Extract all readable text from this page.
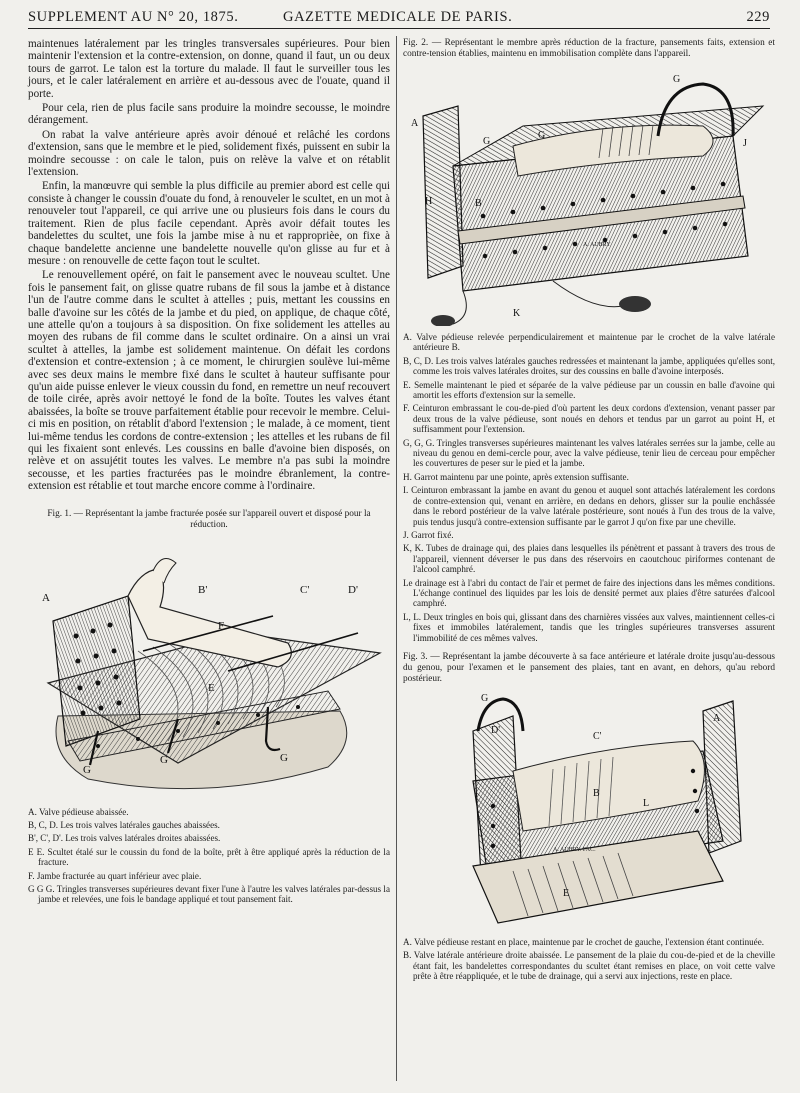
SUPPLEMENT AU N° 20, 1875.	GAZETTE MEDICALE DE PARIS.	229

maintenues latéralement par les tringles transversales supérieures. Pour bien maintenir l'extension et la contre-extension, on donne, quand il faut, un ou deux tours de garrot. Le talon est la torture du malade. Il faut le surveiller tous les jours, et le caler latéralement en arrière et au-dessous avec de l'ouate, quand il porte.

Pour cela, rien de plus facile sans produire la moindre secousse, le moindre dérangement.

On rabat la valve antérieure après avoir dénoué et relâché les cordons d'extension, sans que le membre et le pied, solidement fixés, puissent en subir la moindre secousse : on cale le talon, puis on relève la valve et on rétablit l'extension.

Enfin, la manœuvre qui semble la plus difficile au premier abord est celle qui consiste à changer le coussin d'ouate du fond, à renouveler le scultet, en un mot à renouveler tout l'appareil, ce qui arrive une ou plusieurs fois dans le cours du traitement. Rien de plus facile cependant. Après avoir défait toutes les bandelettes du scultet, une fois la jambe mise à nu et rapproprièe, on fixe à chaque bandelette ancienne une bandelette nouvelle qu'on glisse au fur et à mesure : on renouvelle de cette façon tout le scultet.

Le renouvellement opéré, on fait le pansement avec le nouveau scultet. Une fois le pansement fait, on glisse quatre rubans de fil sous la jambe et à distance l'un de l'autre comme dans le scultet à attelles ; puis, mettant les coussins en balle d'avoine sur les côtés de la jambe et du pied, on applique, de chaque côté, une attelle qu'on a toujours à sa disposition. On fixe solidement les attelles au moyen des rubans de fil comme dans le scultet ordinaire. On a ainsi un vrai scultet à attelles, la jambe est solidement maintenue. On défait les cordons d'extension et contre-extension ; à ce moment, le chirurgien soulève lui-même avec ses deux mains le membre fixé dans le scultet à hauteur suffisante pour qu'un aide puisse enlever le vieux coussin du fond, en remettre un neuf recouvert de toile cirée, après avoir nettoyé le fond de la boîte. Toutes les valves étant abaissées, la boîte se trouve parfaitement établie pour recevoir le membre. Celui-ci mis en position, on rétablit d'abord l'extension ; le malade, à ce moment, tient lui-même tendus les cordons de contre-extension ; les attelles et les rubans de fil qui les fixaient sont enlevés. Les coussins en balle d'avoine bien disposés, on relève et on assujétit toutes les valves. Le membre n'a pas subi la moindre secousse, et les parties fracturées pas le moindre ébranlement, la contre-extension est rétablie et tout marche encore comme à l'ordinaire.

Fig. 1. — Représentant la jambe fracturée posée sur l'appareil ouvert et disposé pour la réduction.

A
B'	C'	D'
F
E
G
G	G
A. Valve pédieuse abaissée.
B, C, D. Les trois valves latérales gauches abaissées.
B', C', D'. Les trois valves latérales droites abaissées.
E E. Scultet étalé sur le coussin du fond de la boîte, prêt à être appliqué après la réduction de la fracture.
F. Jambe fracturée au quart inférieur avec plaie.
G G G. Tringles transverses supérieures devant fixer l'une à l'autre les valves latérales par-dessus la jambe et relevées, une fois le bandage appliqué et tout pansement fait.

Fig. 2. — Représentant le membre après réduction de la fracture, pansements faits, extension et contre-tension établies, maintenu en immobilisation complète dans l'appareil.

A. AUBRY
A
B
G
G
G
H
K
J
A. Valve pédieuse relevée perpendiculairement et maintenue par le crochet de la valve latérale antérieure B.
B, C, D. Les trois valves latérales gauches redressées et maintenant la jambe, appliquées qu'elles sont, comme les trois valves latérales droites, sur des coussins en balle d'avoine interposés.
E. Semelle maintenant le pied et séparée de la valve pédieuse par un coussin en balle d'avoine qui amortit les efforts d'extension sur la semelle.
F. Ceinturon embrassant le cou-de-pied d'où partent les deux cordons d'extension, venant passer par deux trous de la valve pédieuse, sont noués en dehors et tendus par un garrot au point H, et suffisamment pour l'extension.
G, G, G. Tringles transverses supérieures maintenant les valves latérales serrées sur la jambe, celle au niveau du genou en demi-cercle pour, avec la valve pédieuse, tenir lieu de cerceau pour empêcher les couvertures de peser sur le pied et la jambe.
H. Garrot maintenu par une pointe, après extension suffisante.
I. Ceinturon embrassant la jambe en avant du genou et auquel sont attachés latéralement les cordons de contre-extension qui, venant en arrière, en dedans en dehors, glisser sur la poulie enchâssée dans le rebord postérieur de la valve latérale postérieure, sont noués à l'un des trous de la valve, puis tendus jusqu'à contre-extension suffisante par le garrot J qu'on fixe par une cheville.
J. Garrot fixé.
K, K. Tubes de drainage qui, des plaies dans lesquelles ils pénètrent et passant à travers des trous de l'appareil, viennent déverser le pus dans des réservoirs en caoutchouc piriformes contenant de l'alcool camphré.
Le drainage est à l'abri du contact de l'air et permet de faire des injections dans les mêmes conditions. L'échange continuel des liquides par les lois de densité permet aux plaies d'être saturées d'alcool camphré.
L, L. Deux tringles en bois qui, glissant dans des charnières vissées aux valves, maintiennent celles-ci fixes et immobiles latéralement, tandis que les tringles supérieures transverses assurent l'immobilité de ces mêmes valves.

Fig. 3. — Représentant la jambe découverte à sa face antérieure et latérale droite jusqu'au-dessous du genou, pour l'examen et le pansement des plaies, tant en avant, en dehors, qu'au rebord postérieur.

A. AUBRY. FAC.
G
D'
C'
B
A
E
L
A. Valve pédieuse restant en place, maintenue par le crochet de gauche, l'extension étant continuée.
B. Valve latérale antérieure droite abaissée. Le pansement de la plaie du cou-de-pied et de la cheville étant fait, les bandelettes correspondantes du scultet étant remises en place, on voit cette valve prête à être réappliquée, et le tube de drainage, qui a servi aux injections, reste en place.
